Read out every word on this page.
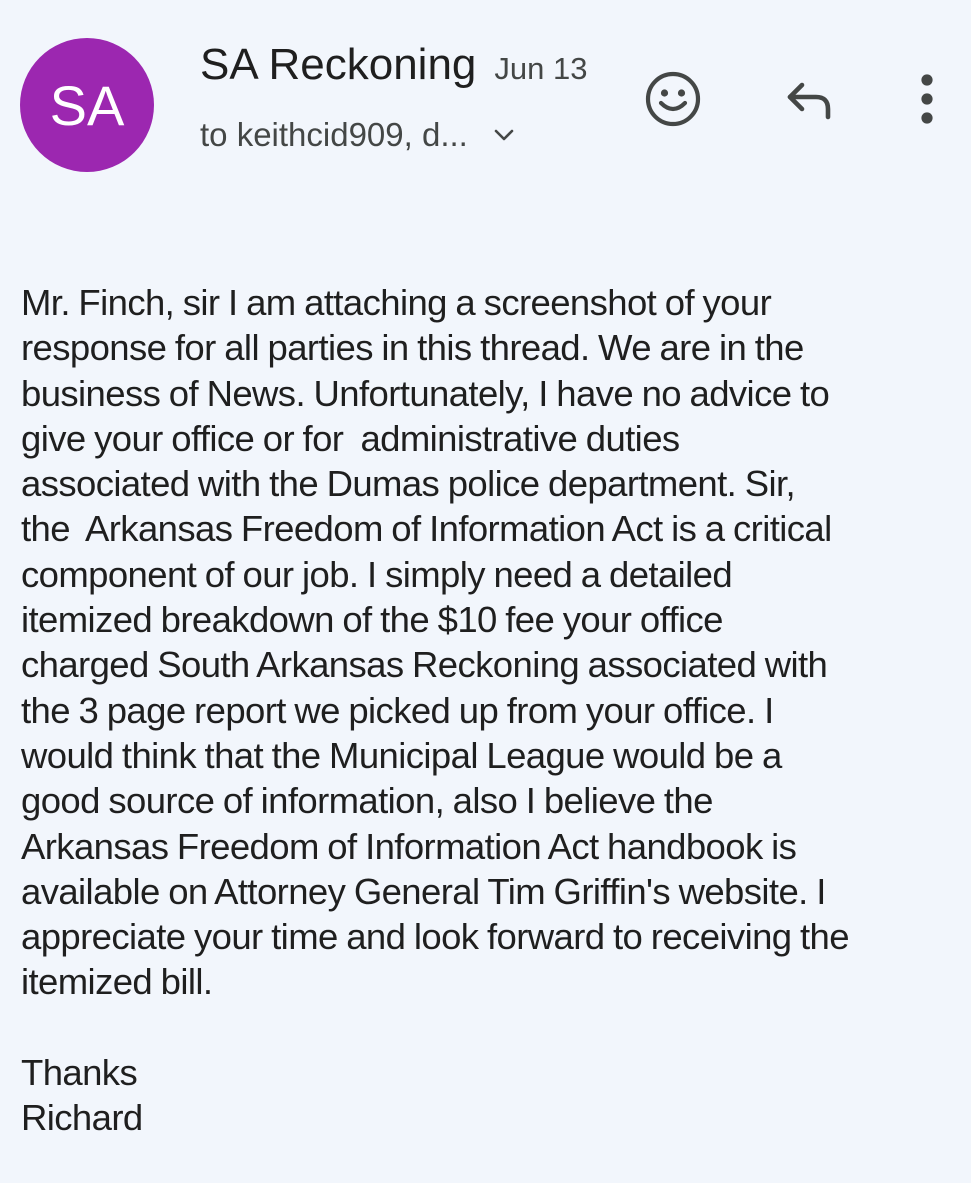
SA
SA Reckoning Jun 13
to keithcid909, d...
Mr. Finch, sir I am attaching a screenshot of your
response for all parties in this thread. We are in the
business of News. Unfortunately, I have no advice to
give your office or for  administrative duties
associated with the Dumas police department. Sir,
the  Arkansas Freedom of Information Act is a critical
component of our job. I simply need a detailed
itemized breakdown of the $10 fee your office
charged South Arkansas Reckoning associated with
the 3 page report we picked up from your office. I
would think that the Municipal League would be a
good source of information, also I believe the
Arkansas Freedom of Information Act handbook is
available on Attorney General Tim Griffin's website. I
appreciate your time and look forward to receiving the
itemized bill.
Thanks
Richard
